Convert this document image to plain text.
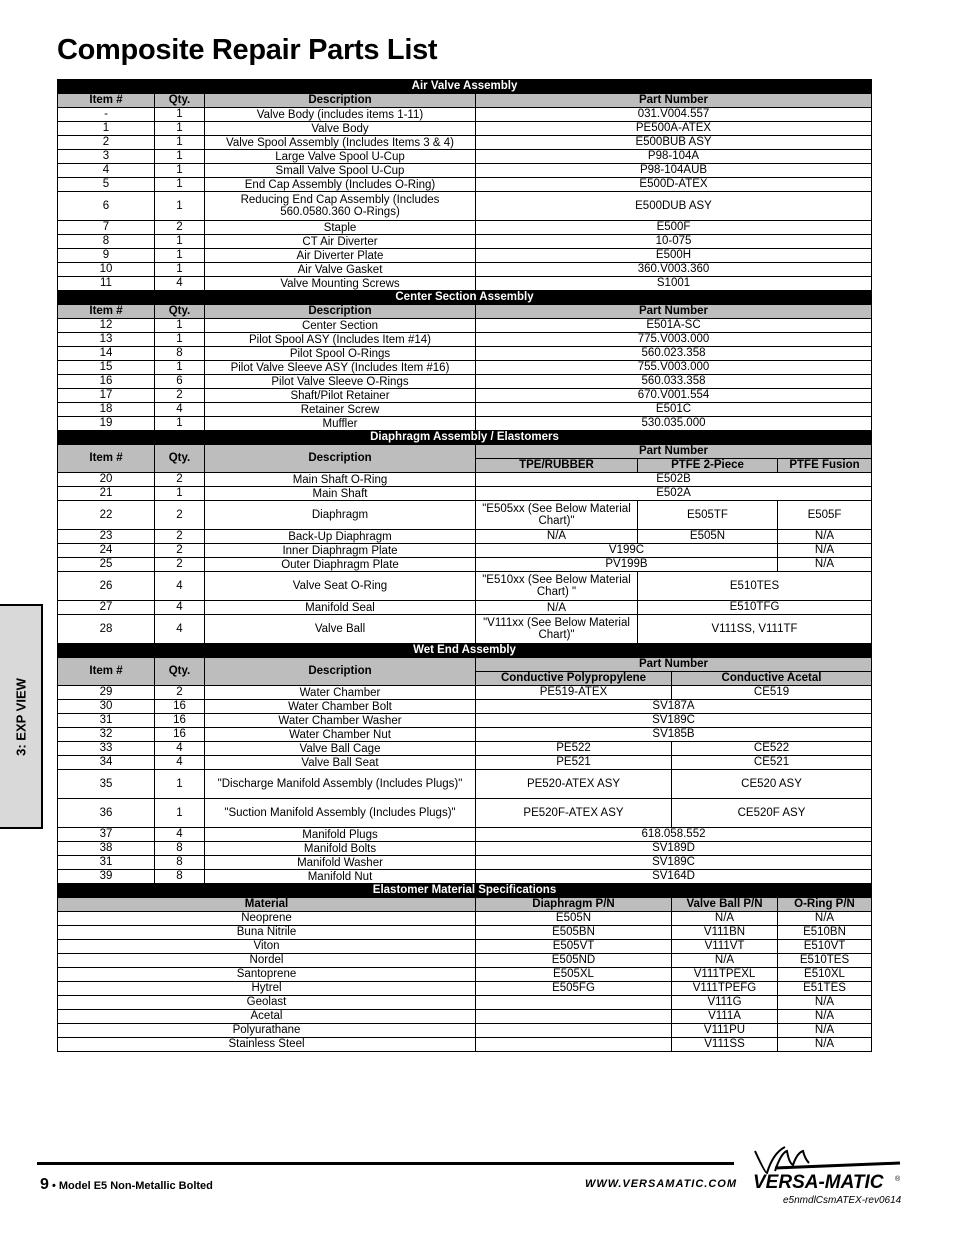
Composite Repair Parts List
3: EXP VIEW
Air Valve Assembly						
Item #	Qty.	Description	Part Number			
-	1	Valve Body (includes items 1-11)	031.V004.557			
1	1	Valve Body	PE500A-ATEX			
2	1	Valve Spool Assembly (Includes Items 3 & 4)	E500BUB ASY			
3	1	Large Valve Spool U-Cup	P98-104A			
4	1	Small Valve Spool U-Cup	P98-104AUB			
5	1	End Cap Assembly (Includes O-Ring)	E500D-ATEX			
6	1	Reducing End Cap Assembly (Includes 560.0580.360 O-Rings)	E500DUB ASY			
7	2	Staple	E500F			
8	1	CT Air Diverter	10-075			
9	1	Air Diverter Plate	E500H			
10	1	Air Valve Gasket	360.V003.360			
11	4	Valve Mounting Screws	S1001			
Center Section Assembly						
Item #	Qty.	Description	Part Number			
12	1	Center Section	E501A-SC			
13	1	Pilot Spool ASY (Includes Item #14)	775.V003.000			
14	8	Pilot Spool O-Rings	560.023.358			
15	1	Pilot Valve Sleeve ASY (Includes Item #16)	755.V003.000			
16	6	Pilot Valve Sleeve O-Rings	560.033.358			
17	2	Shaft/Pilot Retainer	670.V001.554			
18	4	Retainer Screw	E501C			
19	1	Muffler	530.035.000			
Diaphragm Assembly / Elastomers						
Item #	Qty.	Description	Part Number			
			TPE/RUBBER	PTFE 2-Piece		PTFE Fusion
20	2	Main Shaft O-Ring	E502B			
21	1	Main Shaft	E502A			
22	2	Diaphragm	"E505xx (See Below Material Chart)"	E505TF		E505F
23	2	Back-Up Diaphragm	N/A	E505N		N/A
24	2	Inner Diaphragm Plate	V199C			N/A
25	2	Outer Diaphragm Plate	PV199B			N/A
26	4	Valve Seat O-Ring	"E510xx (See Below Material Chart) "	E510TES		
27	4	Manifold Seal	N/A	E510TFG		
28	4	Valve Ball	"V111xx (See Below Material Chart)"	V111SS, V111TF		
Wet End Assembly						
Item #	Qty.	Description	Part Number			
			Conductive Polypropylene		Conductive Acetal	
29	2	Water Chamber	PE519-ATEX		CE519	
30	16	Water Chamber Bolt	SV187A			
31	16	Water Chamber Washer	SV189C			
32	16	Water Chamber Nut	SV185B			
33	4	Valve Ball Cage	PE522		CE522	
34	4	Valve Ball Seat	PE521		CE521	
35	1	"Discharge Manifold Assembly (Includes Plugs)"	PE520-ATEX ASY		CE520 ASY	
36	1	"Suction Manifold Assembly (Includes Plugs)"	PE520F-ATEX ASY		CE520F ASY	
37	4	Manifold Plugs	618.058.552			
38	8	Manifold Bolts	SV189D			
31	8	Manifold Washer	SV189C			
39	8	Manifold Nut	SV164D			
Elastomer Material Specifications						
Material			Diaphragm P/N		Valve Ball P/N	O-Ring P/N
Neoprene			E505N		N/A	N/A
Buna Nitrile			E505BN		V111BN	E510BN
Viton			E505VT		V111VT	E510VT
Nordel			E505ND		N/A	E510TES
Santoprene			E505XL		V111TPEXL	E510XL
Hytrel			E505FG		V111TPEFG	E51TES
Geolast					V111G	N/A
Acetal					V111A	N/A
Polyurathane					V111PU	N/A
Stainless Steel					V111SS	N/A
9 • Model E5 Non-Metallic Bolted	WWW.VERSAMATIC.COM VERSA-MATIC ®
e5nmdlCsmATEX-rev0614
